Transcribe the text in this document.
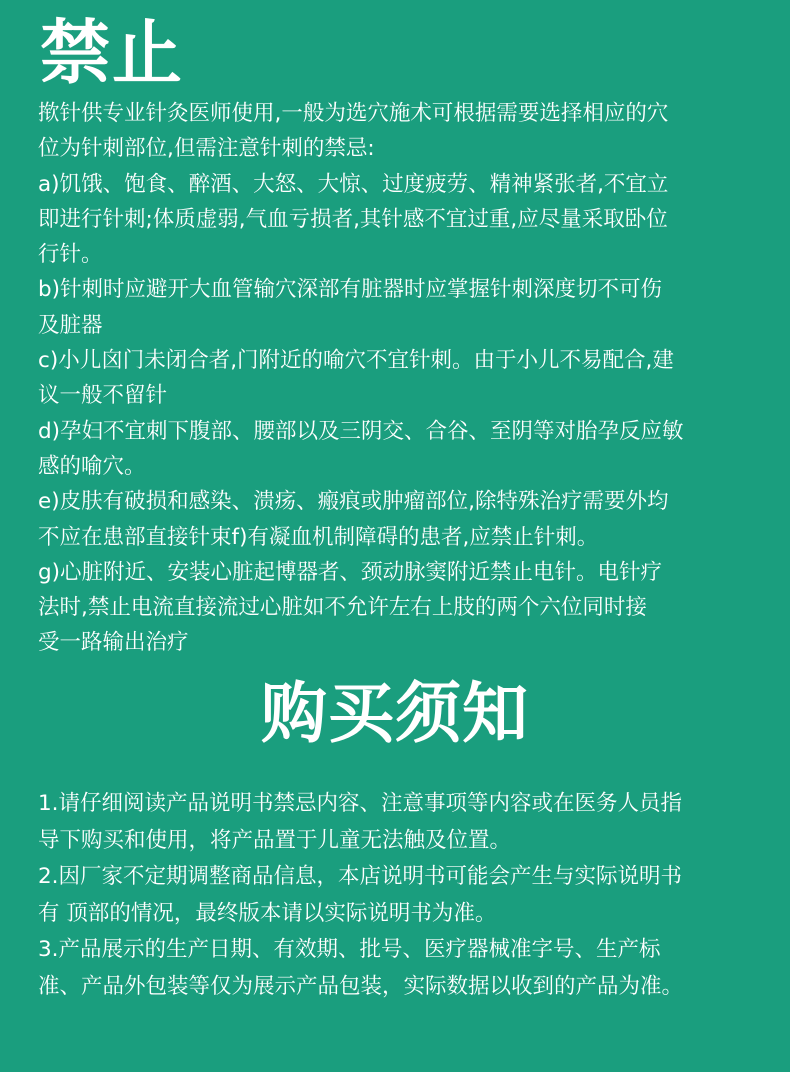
禁止

揿针供专业针灸医师使用,一般为选穴施术可根据需要选择相应的穴

位为针刺部位,但需注意针刺的禁忌:

a)饥饿、饱食、醉酒、大怒、大惊、过度疲劳、精神紧张者,不宜立

即进行针刺;体质虚弱,气血亏损者,其针感不宜过重,应尽量采取卧位

行针。

b)针刺时应避开大血管输穴深部有脏器时应掌握针刺深度切不可伤

及脏器

c)小儿囟门未闭合者,门附近的喻穴不宜针刺。由于小儿不易配合,建

议一般不留针

d)孕妇不宜刺下腹部、腰部以及三阴交、合谷、至阴等对胎孕反应敏

感的喻穴。

e)皮肤有破损和感染、溃疡、瘢痕或肿瘤部位,除特殊治疗需要外均

不应在患部直接针束f)有凝血机制障碍的患者,应禁止针刺。

g)心脏附近、安装心脏起博器者、颈动脉窦附近禁止电针。电针疗

法时,禁止电流直接流过心脏如不允许左右上肢的两个六位同时接

受一路输出治疗

购买须知

1.请仔细阅读产品说明书禁忌内容、注意事项等内容或在医务人员指

导下购买和使用，将产品置于儿童无法触及位置。

2.因厂家不定期调整商品信息，本店说明书可能会产生与实际说明书

有 顶部的情况，最终版本请以实际说明书为准。

3.产品展示的生产日期、有效期、批号、医疗器械准字号、生产标

准、产品外包装等仅为展示产品包装，实际数据以收到的产品为准。
